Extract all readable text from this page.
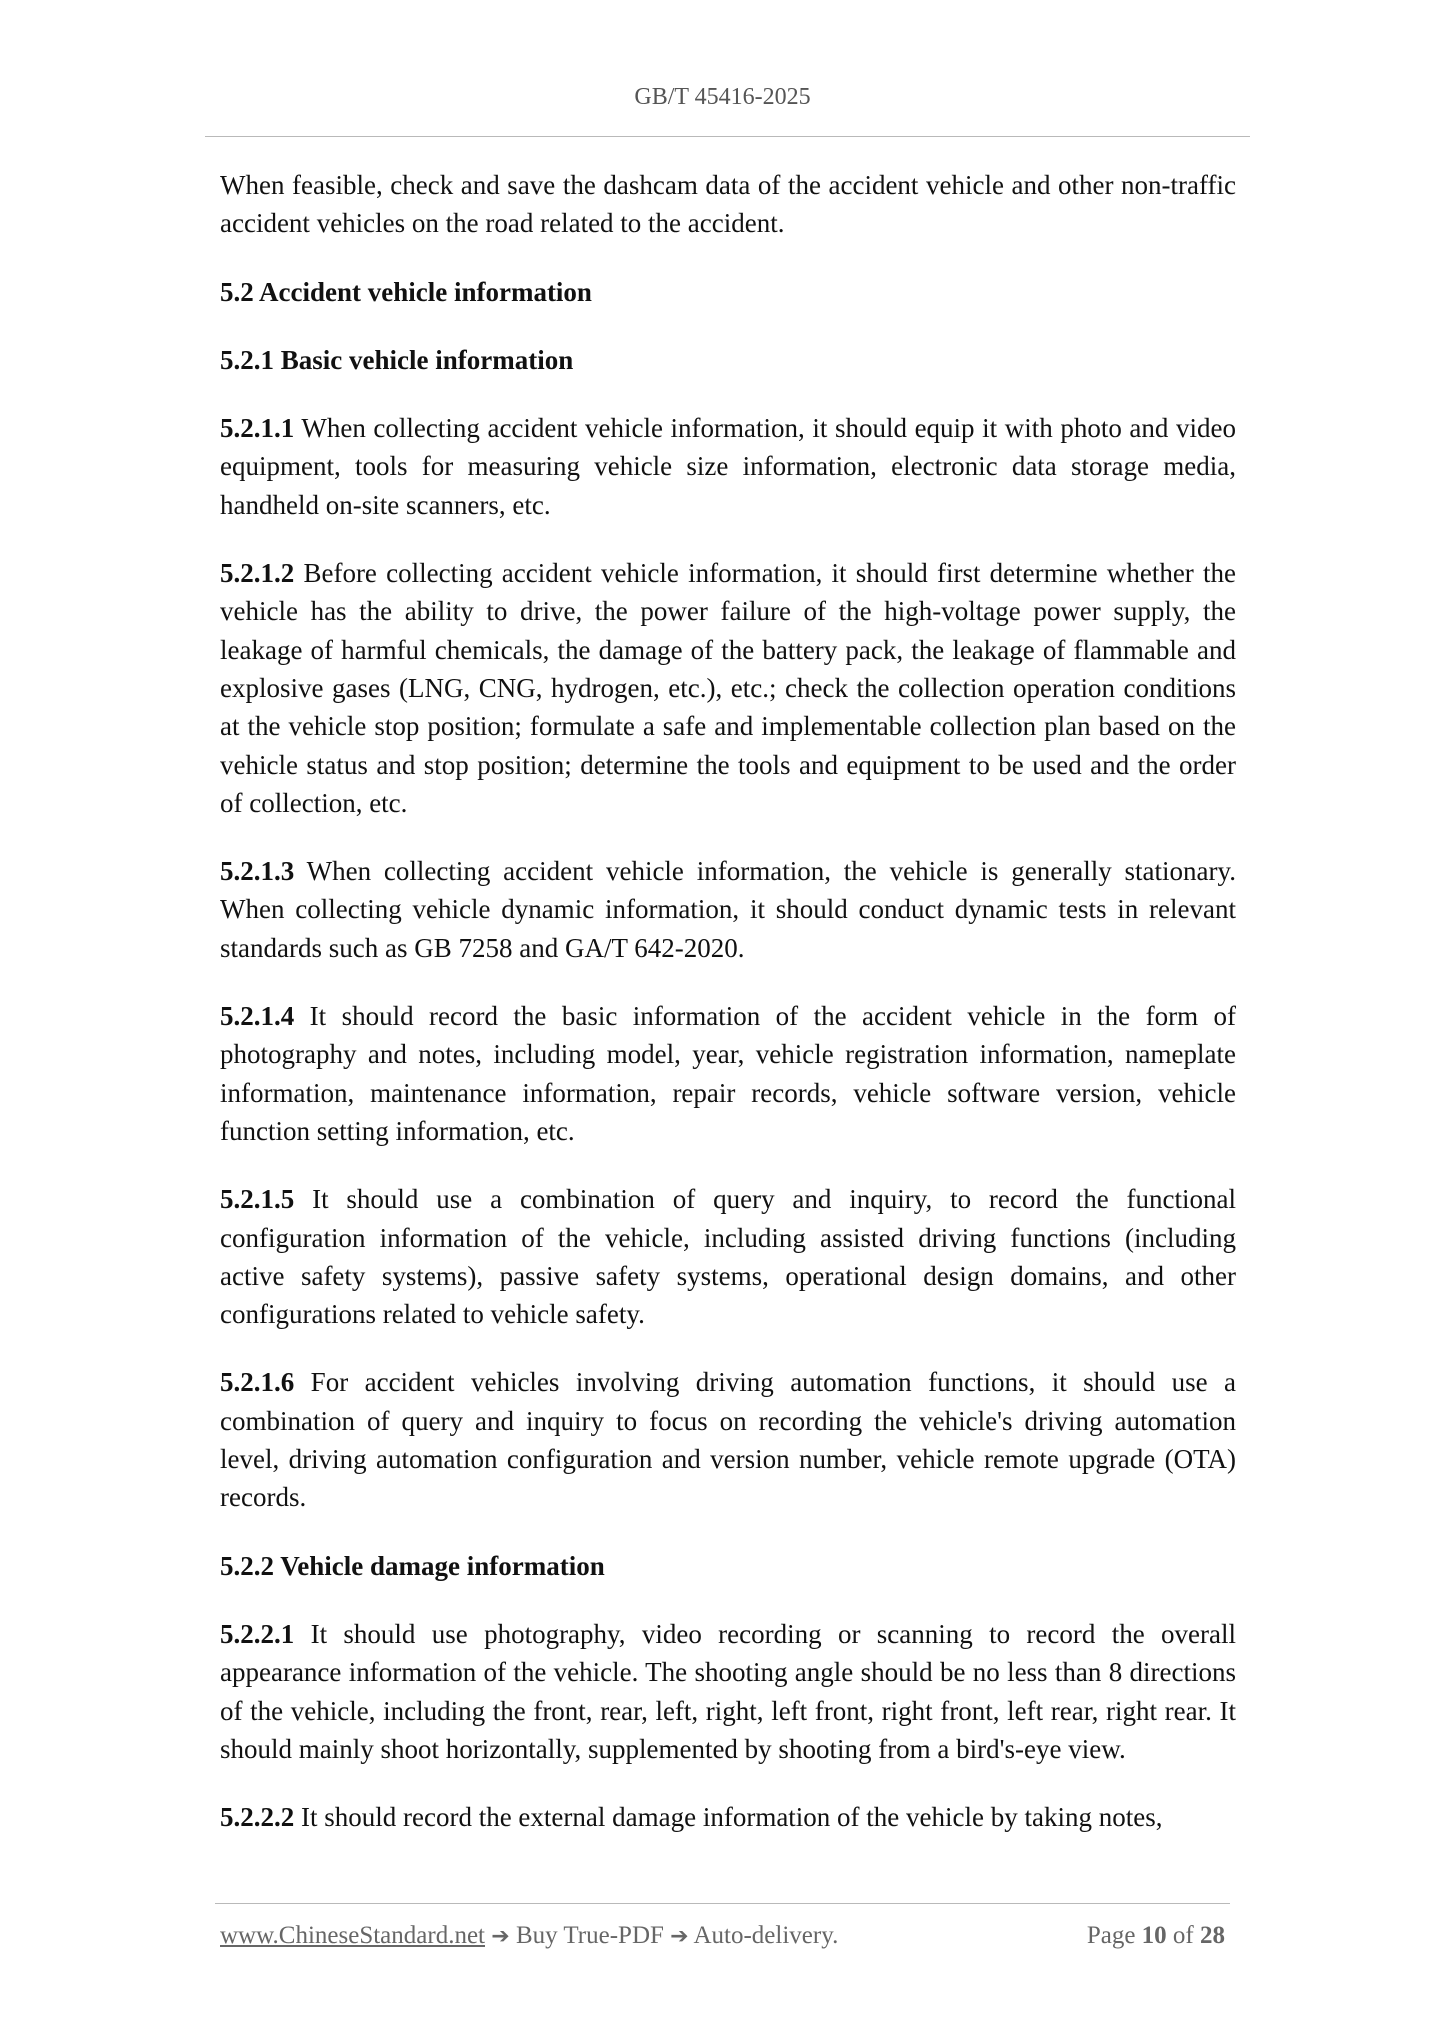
GB/T 45416-2025

When feasible, check and save the dashcam data of the accident vehicle and other non-traffic accident vehicles on the road related to the accident.

5.2 Accident vehicle information
5.2.1 Basic vehicle information

5.2.1.1 When collecting accident vehicle information, it should equip it with photo and video equipment, tools for measuring vehicle size information, electronic data storage media, handheld on-site scanners, etc.

5.2.1.2 Before collecting accident vehicle information, it should first determine whether the vehicle has the ability to drive, the power failure of the high-voltage power supply, the leakage of harmful chemicals, the damage of the battery pack, the leakage of flammable and explosive gases (LNG, CNG, hydrogen, etc.), etc.; check the collection operation conditions at the vehicle stop position; formulate a safe and implementable collection plan based on the vehicle status and stop position; determine the tools and equipment to be used and the order of collection, etc.

5.2.1.3 When collecting accident vehicle information, the vehicle is generally stationary. When collecting vehicle dynamic information, it should conduct dynamic tests in relevant standards such as GB 7258 and GA/T 642-2020.

5.2.1.4 It should record the basic information of the accident vehicle in the form of photography and notes, including model, year, vehicle registration information, nameplate information, maintenance information, repair records, vehicle software version, vehicle function setting information, etc.

5.2.1.5 It should use a combination of query and inquiry, to record the functional configuration information of the vehicle, including assisted driving functions (including active safety systems), passive safety systems, operational design domains, and other configurations related to vehicle safety.

5.2.1.6 For accident vehicles involving driving automation functions, it should use a combination of query and inquiry to focus on recording the vehicle's driving automation level, driving automation configuration and version number, vehicle remote upgrade (OTA) records.

5.2.2 Vehicle damage information

5.2.2.1 It should use photography, video recording or scanning to record the overall appearance information of the vehicle. The shooting angle should be no less than 8 directions of the vehicle, including the front, rear, left, right, left front, right front, left rear, right rear. It should mainly shoot horizontally, supplemented by shooting from a bird's-eye view.

5.2.2.2 It should record the external damage information of the vehicle by taking notes,

www.ChineseStandard.net ➔ Buy True-PDF ➔ Auto-delivery.	Page 10 of 28
